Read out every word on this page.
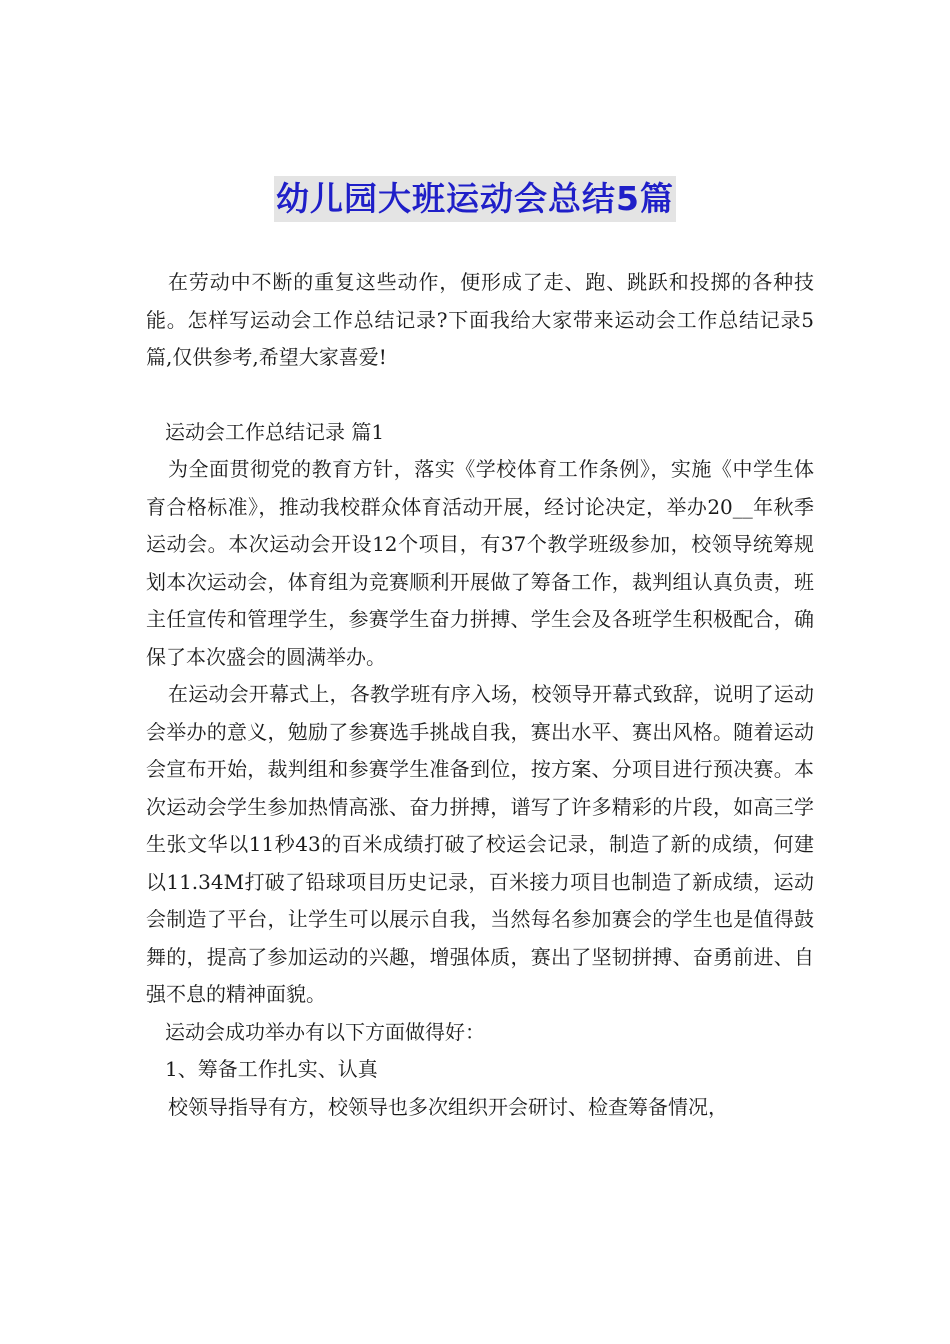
幼儿园大班运动会总结5篇

在劳动中不断的重复这些动作，便形成了走、跑、跳跃和投掷的各种技能。怎样写运动会工作总结记录?下面我给大家带来运动会工作总结记录5篇,仅供参考,希望大家喜爱!

运动会工作总结记录 篇1

为全面贯彻党的教育方针，落实《学校体育工作条例》，实施《中学生体育合格标准》，推动我校群众体育活动开展，经讨论决定，举办20__年秋季运动会。本次运动会开设12个项目，有37个教学班级参加，校领导统筹规划本次运动会，体育组为竞赛顺利开展做了筹备工作，裁判组认真负责，班主任宣传和管理学生，参赛学生奋力拼搏、学生会及各班学生积极配合，确保了本次盛会的圆满举办。

在运动会开幕式上，各教学班有序入场，校领导开幕式致辞，说明了运动会举办的意义，勉励了参赛选手挑战自我，赛出水平、赛出风格。随着运动会宣布开始，裁判组和参赛学生准备到位，按方案、分项目进行预决赛。本次运动会学生参加热情高涨、奋力拼搏，谱写了许多精彩的片段，如高三学生张文华以11秒43的百米成绩打破了校运会记录，制造了新的成绩，何建以11.34M打破了铅球项目历史记录，百米接力项目也制造了新成绩，运动会制造了平台，让学生可以展示自我，当然每名参加赛会的学生也是值得鼓舞的，提高了参加运动的兴趣，增强体质，赛出了坚韧拼搏、奋勇前进、自强不息的精神面貌。

运动会成功举办有以下方面做得好：

1、筹备工作扎实、认真

校领导指导有方，校领导也多次组织开会研讨、检查筹备情况，
